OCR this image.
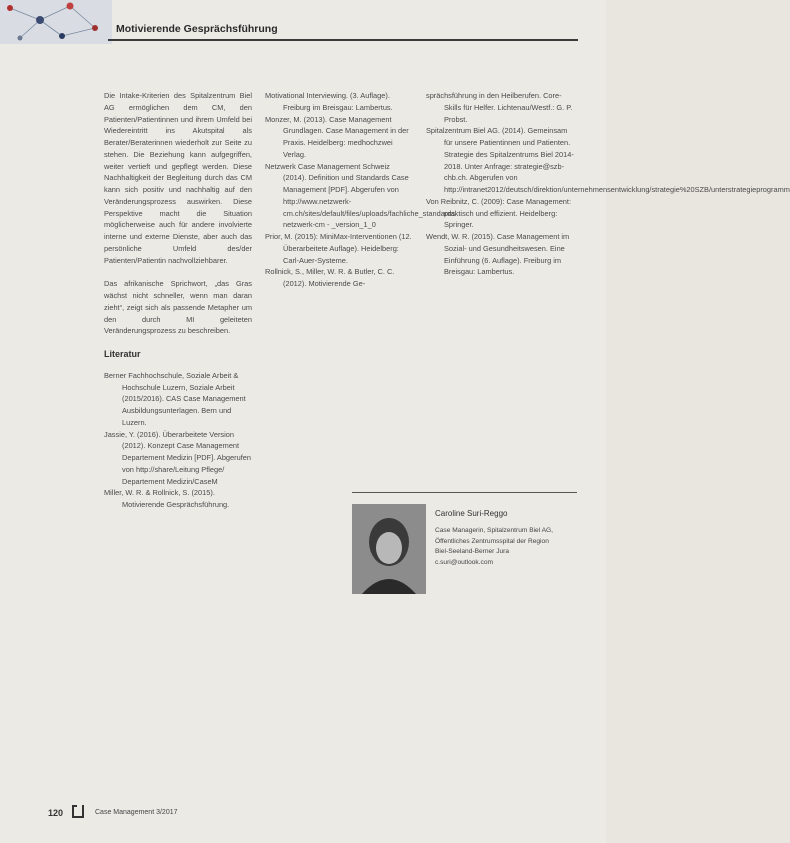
Motivierende Gesprächsführung

Die Intake-Kriterien des Spitalzentrum Biel AG ermöglichen dem CM, den Patienten/Patientinnen und ihrem Umfeld bei Wiedereintritt ins Akutspital als Berater/Beraterinnen wiederholt zur Seite zu stehen. Die Beziehung kann aufgegriffen, weiter vertieft und gepflegt werden. Diese Nachhaltigkeit der Begleitung durch das CM kann sich positiv und nachhaltig auf den Veränderungsprozess auswirken. Diese Perspektive macht die Situation möglicherweise auch für andere involvierte interne und externe Dienste, aber auch das persönliche Umfeld des/der Patienten/Patientin nachvollziehbarer.

Das afrikanische Sprichwort, „das Gras wächst nicht schneller, wenn man daran zieht“, zeigt sich als passende Metapher um den durch MI geleiteten Veränderungsprozess zu beschreiben.

Literatur

Berner Fachhochschule, Soziale Arbeit & Hochschule Luzern, Soziale Arbeit (2015/2016). CAS Case Management Ausbildungsunterlagen. Bern und Luzern.

Jassie, Y. (2016). Überarbeitete Version (2012). Konzept Case Management Departement Medizin [PDF]. Abgerufen von http://share/Leitung Pflege/ Departement Medizin/CaseM

Miller, W. R. & Rollnick, S. (2015). Motivierende Gesprächsführung.

Motivational Interviewing. (3. Auflage). Freiburg im Breisgau: Lambertus.

Monzer, M. (2013). Case Management Grundlagen. Case Management in der Praxis. Heidelberg: medhochzwei Verlag.

Netzwerk Case Management Schweiz (2014). Definition und Standards Case Management [PDF]. Abgerufen von http://www.netzwerk-cm.ch/sites/default/files/uploads/fachliche_standards netzwerk-cm - _version_1_0

Prior, M. (2015): MiniMax-Interventionen (12. Überarbeitete Auflage). Heidelberg: Carl-Auer-Systeme.

Rollnick, S., Miller, W. R. & Butler, C. C. (2012). Motivierende Ge-

sprächsführung in den Heilberufen. Core-Skills für Helfer. Lichtenau/Westf.: G. P. Probst.

Spitalzentrum Biel AG. (2014). Gemeinsam für unsere Patientinnen und Patienten. Strategie des Spitalzentrums Biel 2014- 2018. Unter Anfrage: strategie@szb-chb.ch. Abgerufen von http://intranet2012/deutsch/direktion/unternehmensentwicklung/strategie%20SZB/unterstrategieprogramm

Von Reibnitz, C. (2009): Case Management: praktisch und effizient. Heidelberg: Springer.

Wendt, W. R. (2015). Case Management im Sozial- und Gesundheitswesen. Eine Einführung (6. Auflage). Freiburg im Breisgau: Lambertus.

Caroline Suri-Reggo
Case Managerin, Spitalzentrum Biel AG,
Öffentliches Zentrumsspital der Region
Biel-Seeland-Berner Jura
c.suri@outlook.com
120	Case Management 3/2017
